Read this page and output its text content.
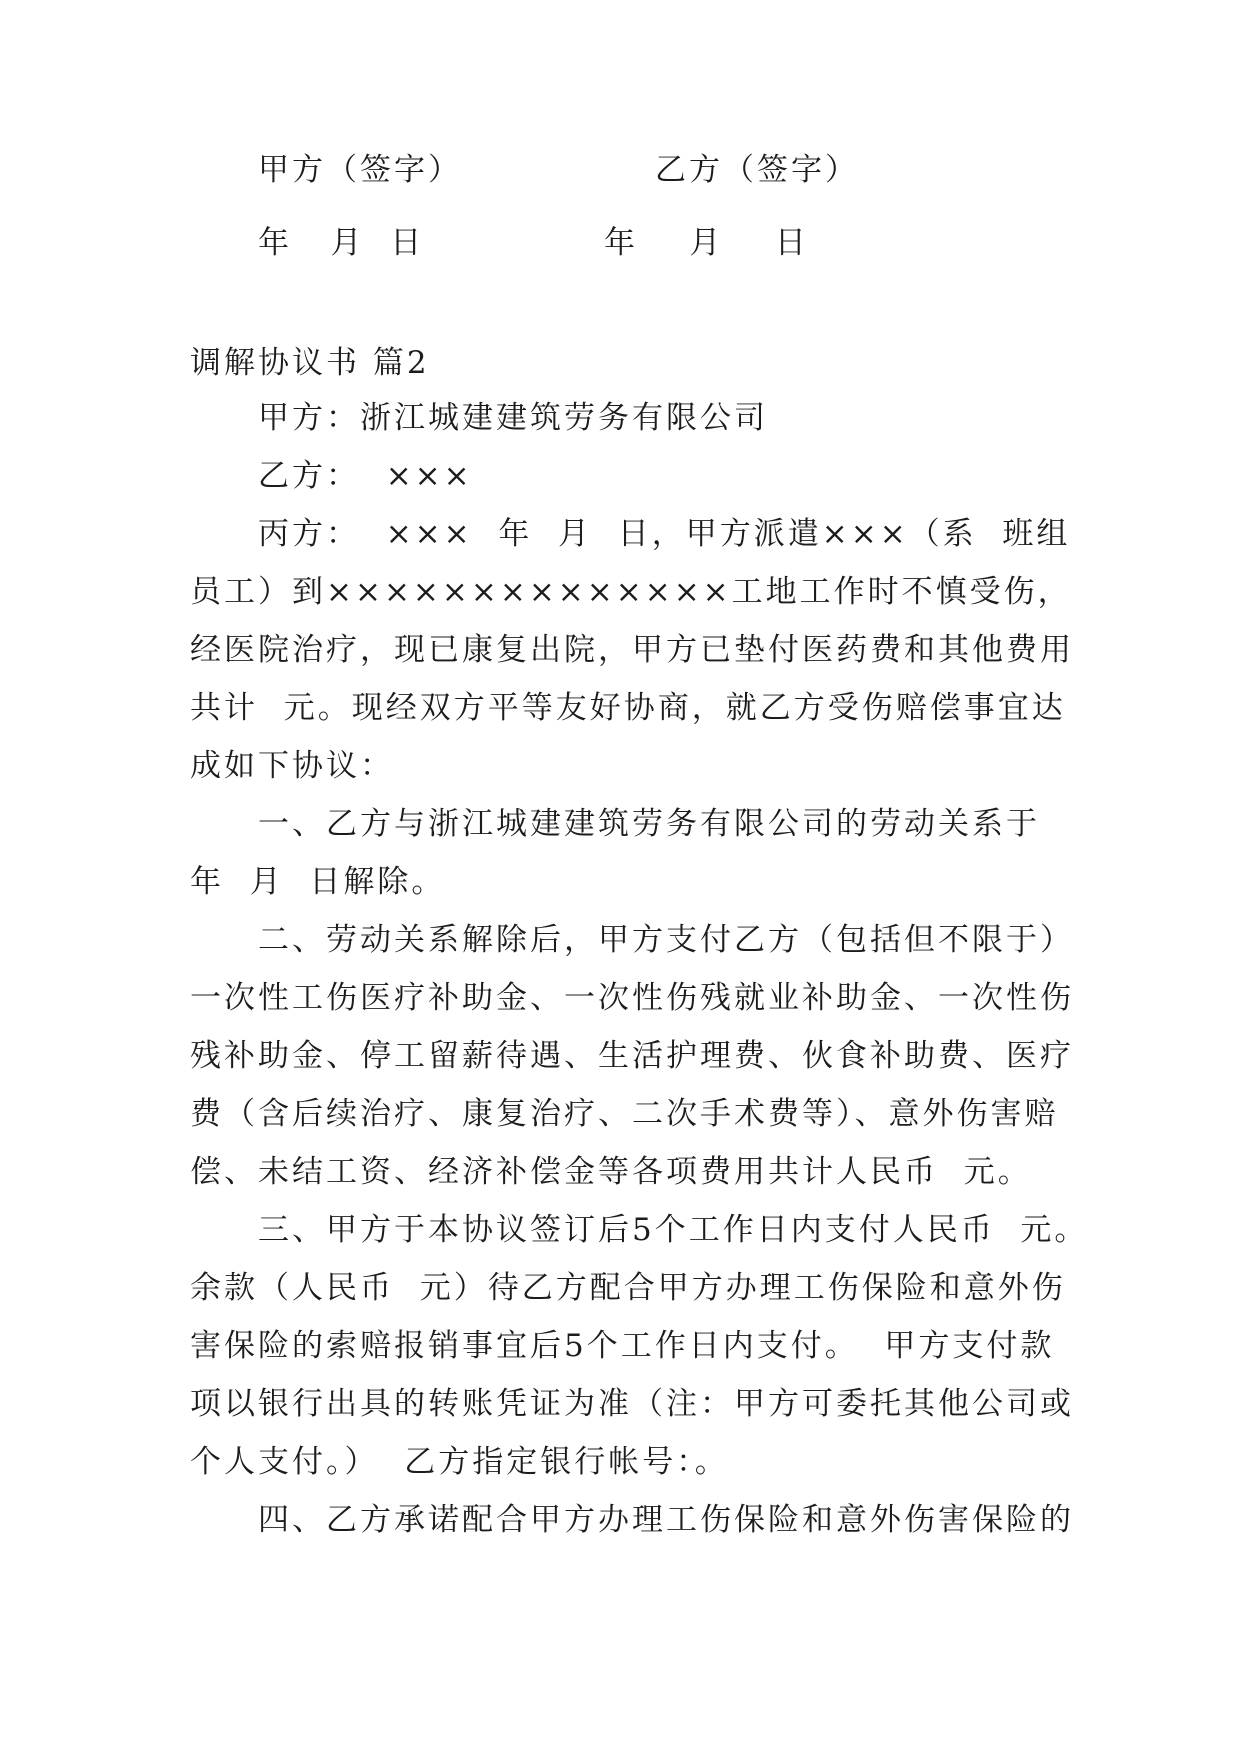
甲方（签字）	乙方（签字）
年   月  日	年    月    日
调解协议书 篇2
甲方：浙江城建建筑劳务有限公司
乙方：  ×××
丙方：  ×××  年  月  日，甲方派遣×××（系  班组
员工）到××××××××××××××工地工作时不慎受伤，
经医院治疗，现已康复出院，甲方已垫付医药费和其他费用
共计  元。现经双方平等友好协商，就乙方受伤赔偿事宜达
成如下协议：
一、乙方与浙江城建建筑劳务有限公司的劳动关系于
年  月  日解除。
二、劳动关系解除后，甲方支付乙方（包括但不限于）
一次性工伤医疗补助金、一次性伤残就业补助金、一次性伤
残补助金、停工留薪待遇、生活护理费、伙食补助费、医疗
费（含后续治疗、康复治疗、二次手术费等）、意外伤害赔
偿、未结工资、经济补偿金等各项费用共计人民币  元。
三、甲方于本协议签订后5个工作日内支付人民币  元。
余款（人民币  元）待乙方配合甲方办理工伤保险和意外伤
害保险的索赔报销事宜后5个工作日内支付。  甲方支付款
项以银行出具的转账凭证为准（注：甲方可委托其他公司或
个人支付。）  乙方指定银行帐号：。
四、乙方承诺配合甲方办理工伤保险和意外伤害保险的
